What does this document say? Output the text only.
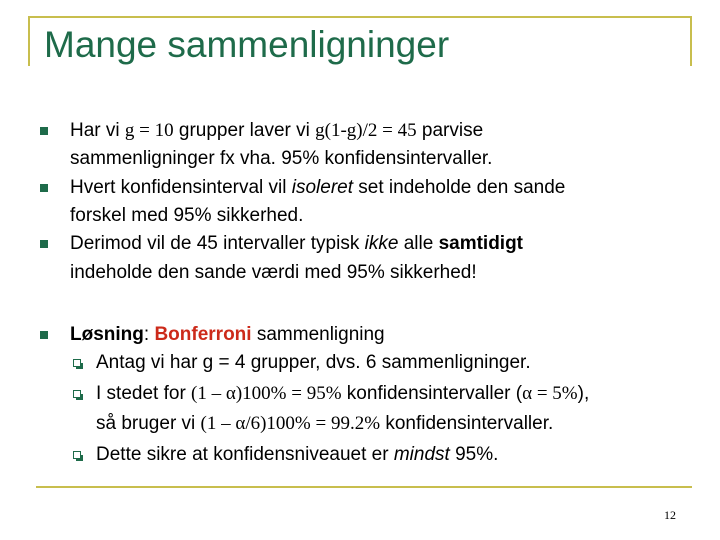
Mange sammenligninger
Har vi g = 10 grupper laver vi g(1-g)/2 = 45 parvise
sammenligninger fx vha. 95% konfidensintervaller.
Hvert konfidensinterval vil isoleret set indeholde den sande
forskel med 95% sikkerhed.
Derimod vil de 45 intervaller typisk ikke alle samtidigt
indeholde den sande værdi med 95% sikkerhed!
Løsning: Bonferroni sammenligning
Antag vi har g = 4 grupper, dvs. 6 sammenligninger.
I stedet for (1 – α)100% = 95% konfidensintervaller (α = 5%),
så bruger vi (1 – α/6)100% = 99.2% konfidensintervaller.
Dette sikre at konfidensniveauet er mindst 95%.
12
